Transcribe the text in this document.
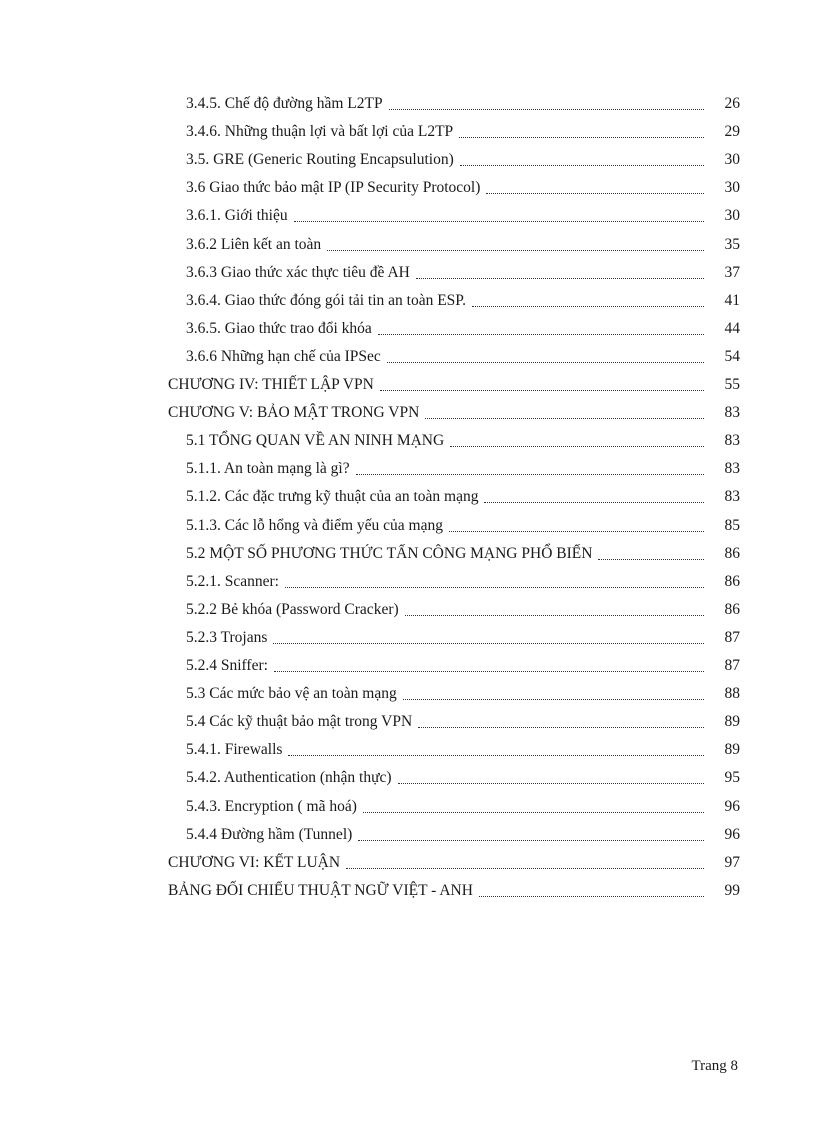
3.4.5. Chế độ đường hầm L2TP	26
3.4.6. Những thuận lợi và bất lợi của L2TP	29
3.5. GRE (Generic Routing Encapsulution)	30
3.6 Giao thức bảo mật IP (IP Security Protocol)	30
3.6.1. Giới thiệu	30
3.6.2 Liên kết an toàn	35
3.6.3 Giao thức xác thực tiêu đề AH	37
3.6.4. Giao thức đóng gói tải tin an toàn ESP.	41
3.6.5. Giao thức trao đổi khóa	44
3.6.6 Những hạn chế của IPSec	54
CHƯƠNG IV: THIẾT LẬP VPN	55
CHƯƠNG V: BẢO MẬT TRONG VPN	83
5.1 TỔNG QUAN VỀ AN NINH MẠNG	83
5.1.1. An toàn mạng là gì?	83
5.1.2. Các đặc trưng kỹ thuật của an toàn mạng	83
5.1.3. Các lỗ hổng và điểm yếu của mạng	85
5.2 MỘT SỐ PHƯƠNG THỨC TẤN CÔNG MẠNG PHỔ BIẾN	86
5.2.1. Scanner:	86
5.2.2 Bẻ khóa (Password Cracker)	86
5.2.3 Trojans	87
5.2.4 Sniffer:	87
5.3 Các mức bảo vệ an toàn mạng	88
5.4 Các kỹ thuật bảo mật trong VPN	89
5.4.1. Firewalls	89
5.4.2. Authentication (nhận thực)	95
5.4.3. Encryption ( mã hoá)	96
5.4.4 Đường hầm (Tunnel)	96
CHƯƠNG VI: KẾT LUẬN	97
BẢNG ĐỐI CHIẾU THUẬT NGỮ VIỆT - ANH	99
Trang 8
